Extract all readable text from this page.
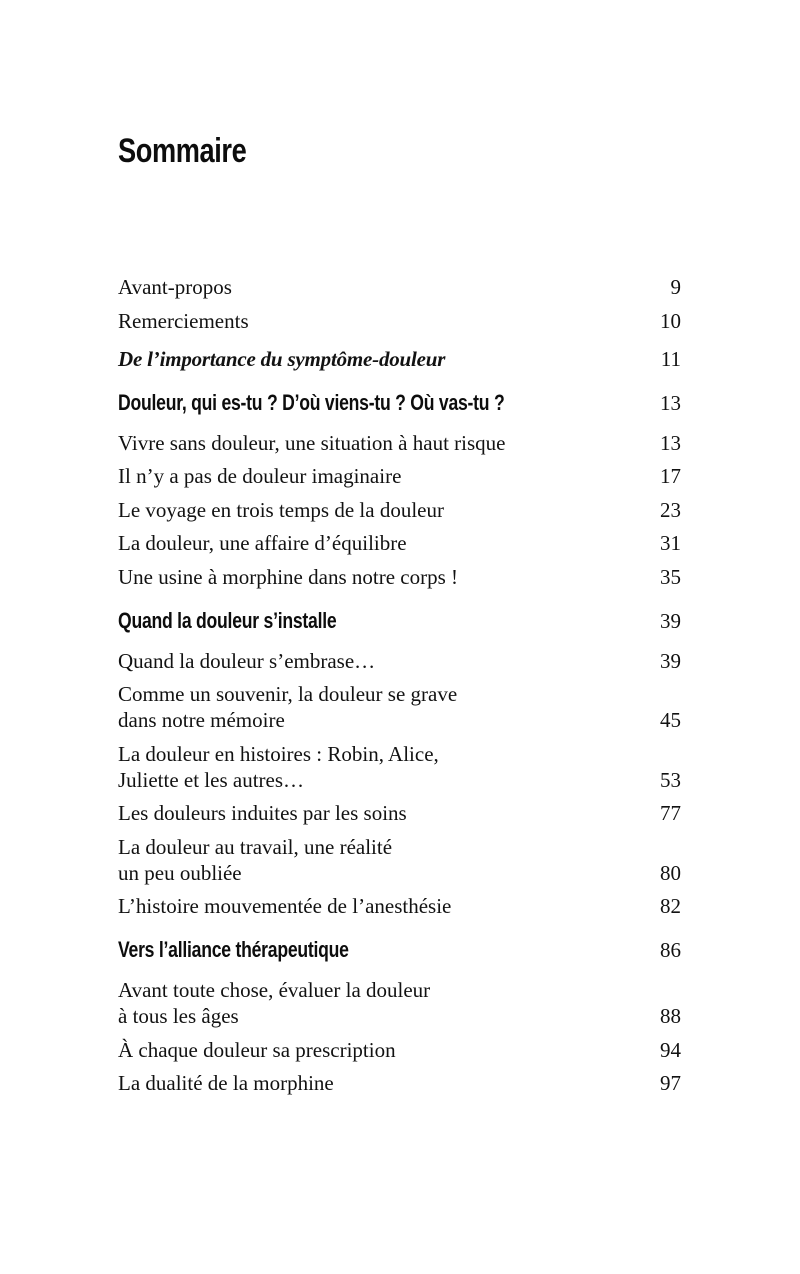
Sommaire
Avant-propos	9
Remerciements	10
De l’importance du symptôme-douleur	11
Douleur, qui es-tu ? D’où viens-tu ? Où vas-tu ?	13
Vivre sans douleur, une situation à haut risque	13
Il n’y a pas de douleur imaginaire	17
Le voyage en trois temps de la douleur	23
La douleur, une affaire d’équilibre	31
Une usine à morphine dans notre corps !	35
Quand la douleur s’installe	39
Quand la douleur s’embrase…	39
Comme un souvenir, la douleur se grave
dans notre mémoire	45
La douleur en histoires : Robin, Alice,
Juliette et les autres…	53
Les douleurs induites par les soins	77
La douleur au travail, une réalité
un peu oubliée	80
L’histoire mouvementée de l’anesthésie	82
Vers l’alliance thérapeutique	86
Avant toute chose, évaluer la douleur
à tous les âges	88
À chaque douleur sa prescription	94
La dualité de la morphine	97
